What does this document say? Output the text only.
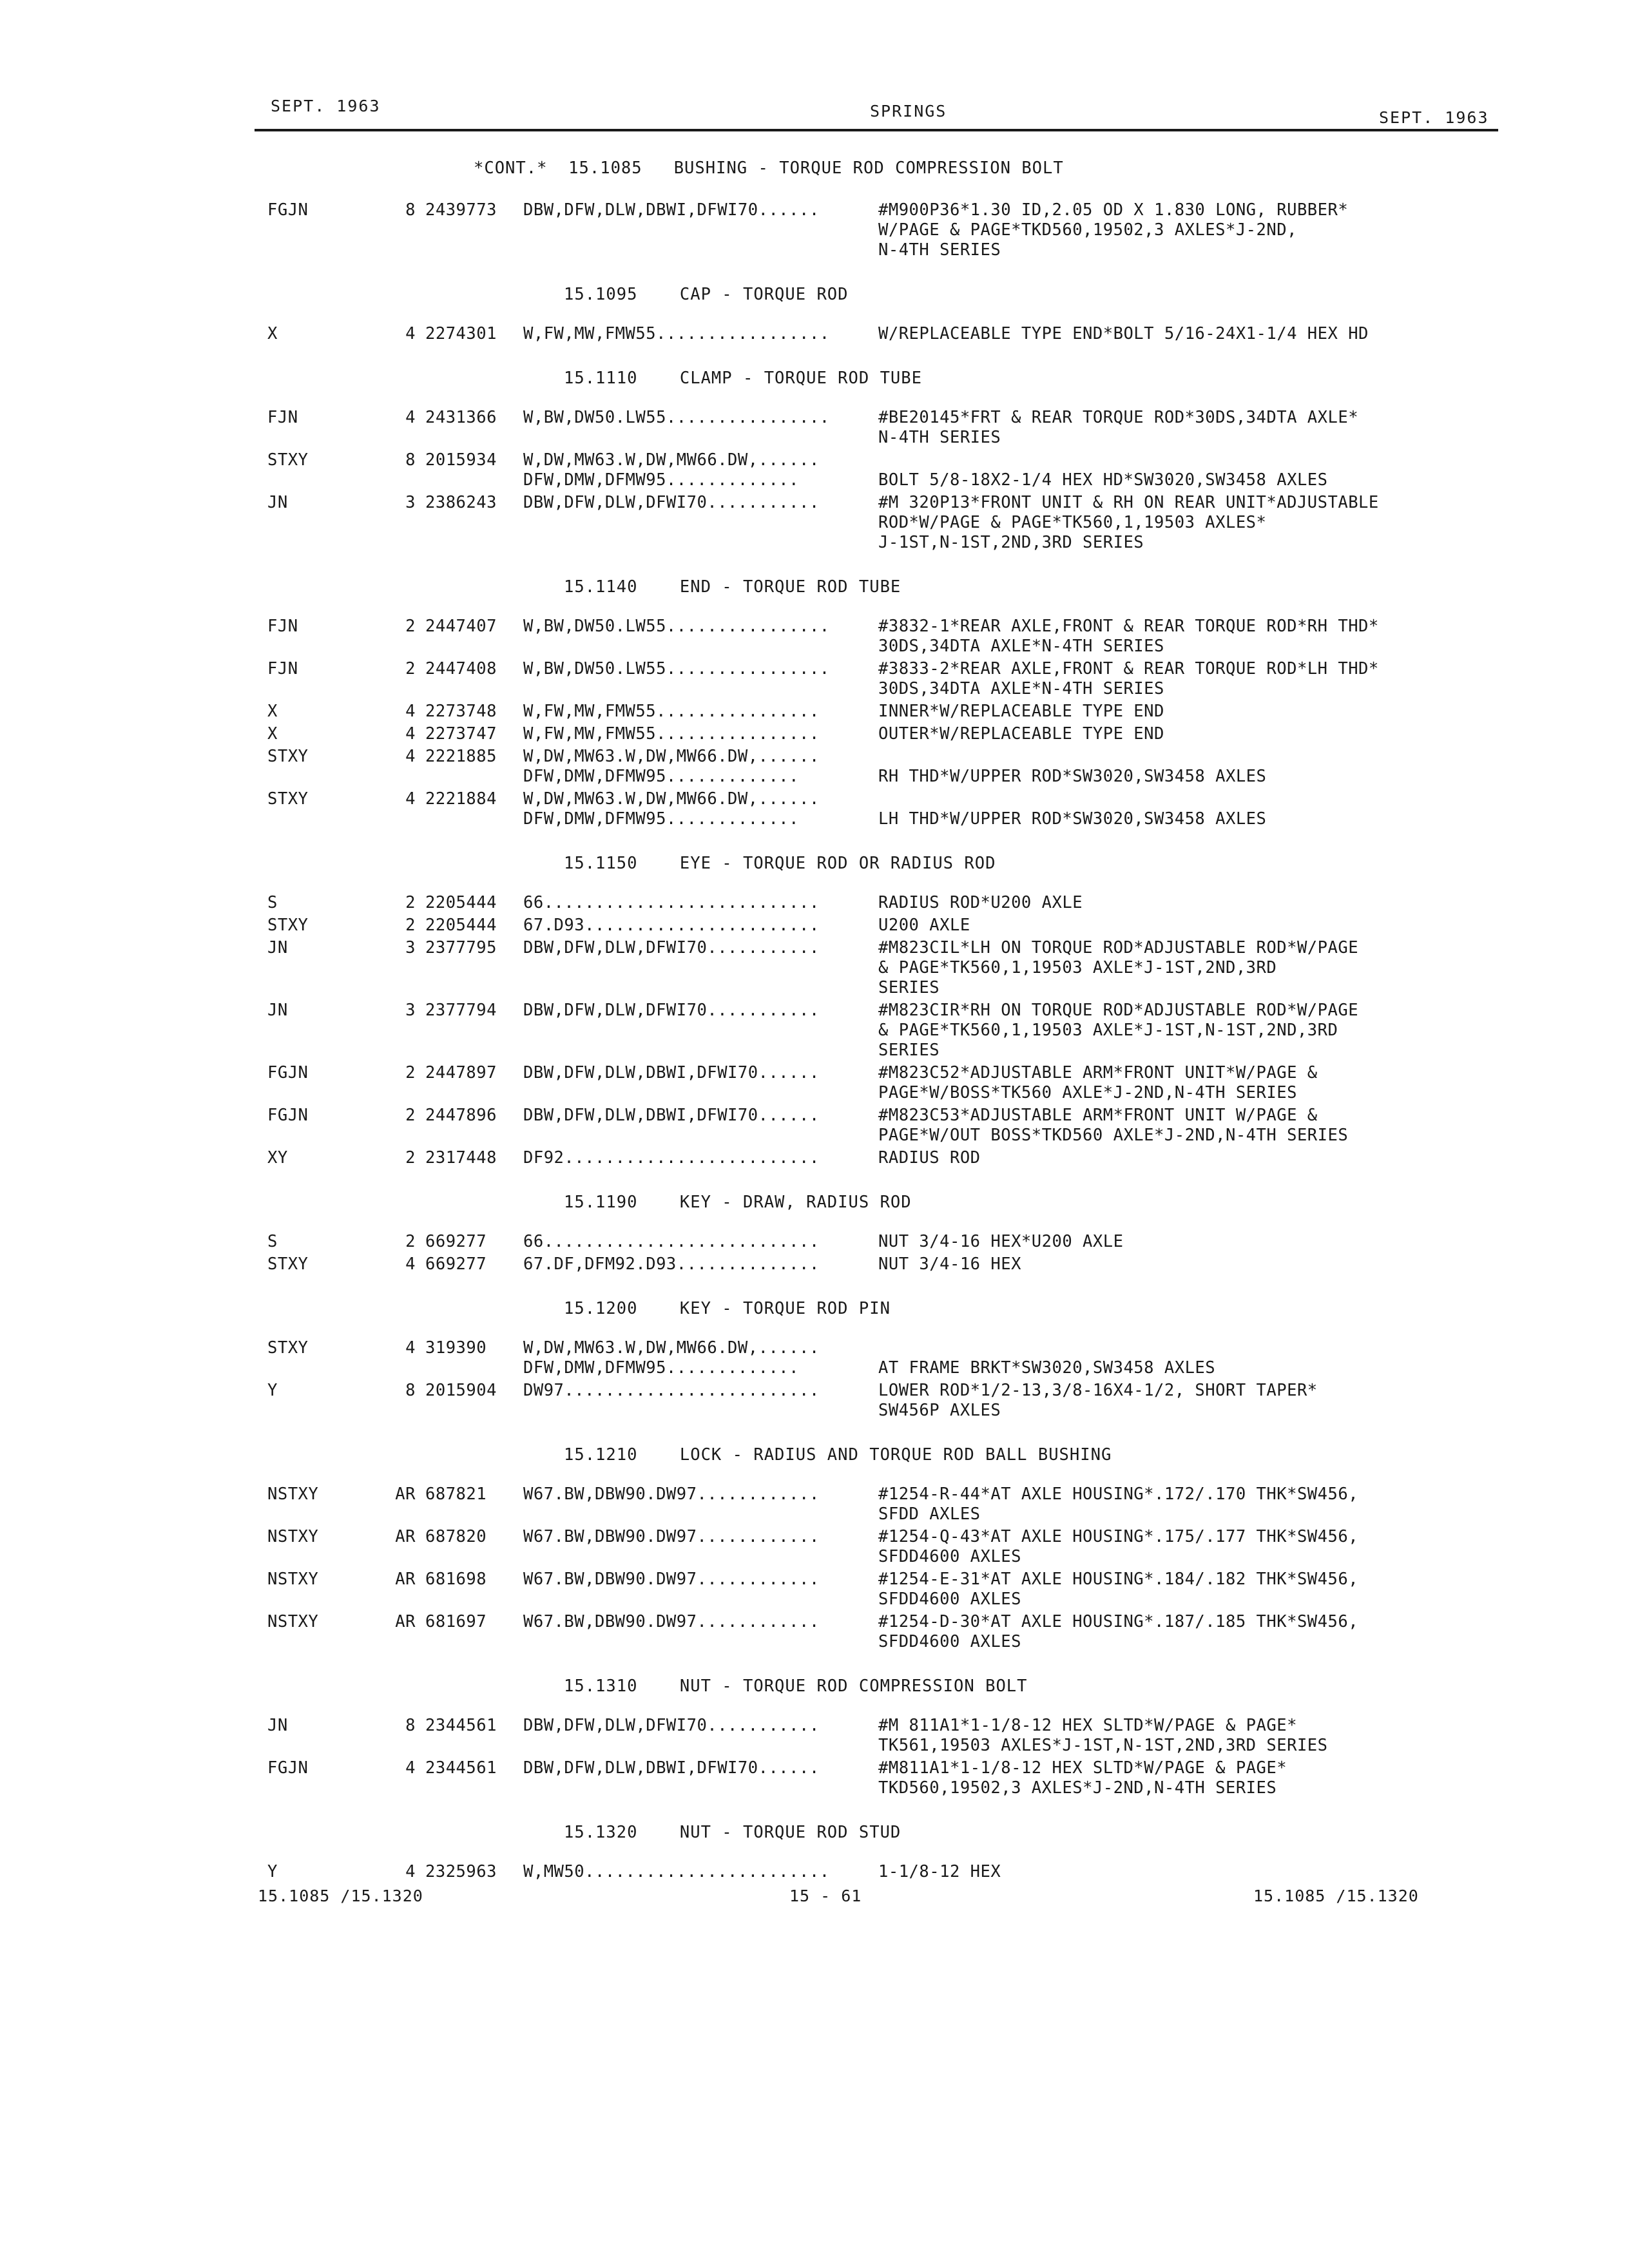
SEPT. 1963	SPRINGS	SEPT. 1963
*CONT.*  15.1085   BUSHING - TORQUE ROD COMPRESSION BOLT
FGJN	8 2439773 DBW,DFW,DLW,DBWI,DFWI70......	#M900P36*1.30 ID,2.05 OD X 1.830 LONG, RUBBER*
W/PAGE & PAGE*TKD560,19502,3 AXLES*J-2ND,
N-4TH SERIES
15.1095    CAP - TORQUE ROD
X	4 2274301 W,FW,MW,FMW55.................	W/REPLACEABLE TYPE END*BOLT 5/16-24X1-1/4 HEX HD
15.1110    CLAMP - TORQUE ROD TUBE
FJN	4 2431366 W,BW,DW50.LW55................	#BE20145*FRT & REAR TORQUE ROD*30DS,34DTA AXLE*
N-4TH SERIES
STXY	8 2015934 W,DW,MW63.W,DW,MW66.DW,......
DFW,DMW,DFMW95.............	BOLT 5/8-18X2-1/4 HEX HD*SW3020,SW3458 AXLES
JN	3 2386243 DBW,DFW,DLW,DFWI70...........	#M 320P13*FRONT UNIT & RH ON REAR UNIT*ADJUSTABLE
ROD*W/PAGE & PAGE*TK560,1,19503 AXLES*
J-1ST,N-1ST,2ND,3RD SERIES
15.1140    END - TORQUE ROD TUBE
FJN	2 2447407 W,BW,DW50.LW55................	#3832-1*REAR AXLE,FRONT & REAR TORQUE ROD*RH THD*
30DS,34DTA AXLE*N-4TH SERIES
FJN	2 2447408 W,BW,DW50.LW55................	#3833-2*REAR AXLE,FRONT & REAR TORQUE ROD*LH THD*
30DS,34DTA AXLE*N-4TH SERIES
X	4 2273748 W,FW,MW,FMW55................	INNER*W/REPLACEABLE TYPE END
X	4 2273747 W,FW,MW,FMW55................	OUTER*W/REPLACEABLE TYPE END
STXY	4 2221885 W,DW,MW63.W,DW,MW66.DW,......
DFW,DMW,DFMW95.............	RH THD*W/UPPER ROD*SW3020,SW3458 AXLES
STXY	4 2221884 W,DW,MW63.W,DW,MW66.DW,......
DFW,DMW,DFMW95.............	LH THD*W/UPPER ROD*SW3020,SW3458 AXLES
15.1150    EYE - TORQUE ROD OR RADIUS ROD
S	2 2205444 66...........................	RADIUS ROD*U200 AXLE
STXY	2 2205444 67.D93.......................	U200 AXLE
JN	3 2377795 DBW,DFW,DLW,DFWI70...........	#M823CIL*LH ON TORQUE ROD*ADJUSTABLE ROD*W/PAGE
& PAGE*TK560,1,19503 AXLE*J-1ST,2ND,3RD
SERIES
JN	3 2377794 DBW,DFW,DLW,DFWI70...........	#M823CIR*RH ON TORQUE ROD*ADJUSTABLE ROD*W/PAGE
& PAGE*TK560,1,19503 AXLE*J-1ST,N-1ST,2ND,3RD
SERIES
FGJN	2 2447897 DBW,DFW,DLW,DBWI,DFWI70......	#M823C52*ADJUSTABLE ARM*FRONT UNIT*W/PAGE &
PAGE*W/BOSS*TK560 AXLE*J-2ND,N-4TH SERIES
FGJN	2 2447896 DBW,DFW,DLW,DBWI,DFWI70......	#M823C53*ADJUSTABLE ARM*FRONT UNIT W/PAGE &
PAGE*W/OUT BOSS*TKD560 AXLE*J-2ND,N-4TH SERIES
XY	2 2317448 DF92.........................	RADIUS ROD
15.1190    KEY - DRAW, RADIUS ROD
S	2 669277 66...........................	NUT 3/4-16 HEX*U200 AXLE
STXY	4 669277 67.DF,DFM92.D93..............	NUT 3/4-16 HEX
15.1200    KEY - TORQUE ROD PIN
STXY	4 319390 W,DW,MW63.W,DW,MW66.DW,......
DFW,DMW,DFMW95.............	AT FRAME BRKT*SW3020,SW3458 AXLES
Y	8 2015904 DW97.........................	LOWER ROD*1/2-13,3/8-16X4-1/2, SHORT TAPER*
SW456P AXLES
15.1210    LOCK - RADIUS AND TORQUE ROD BALL BUSHING
NSTXY	AR 687821 W67.BW,DBW90.DW97............	#1254-R-44*AT AXLE HOUSING*.172/.170 THK*SW456,
SFDD AXLES
NSTXY	AR 687820 W67.BW,DBW90.DW97............	#1254-Q-43*AT AXLE HOUSING*.175/.177 THK*SW456,
SFDD4600 AXLES
NSTXY	AR 681698 W67.BW,DBW90.DW97............	#1254-E-31*AT AXLE HOUSING*.184/.182 THK*SW456,
SFDD4600 AXLES
NSTXY	AR 681697 W67.BW,DBW90.DW97............	#1254-D-30*AT AXLE HOUSING*.187/.185 THK*SW456,
SFDD4600 AXLES
15.1310    NUT - TORQUE ROD COMPRESSION BOLT
JN	8 2344561 DBW,DFW,DLW,DFWI70...........	#M 811A1*1-1/8-12 HEX SLTD*W/PAGE & PAGE*
TK561,19503 AXLES*J-1ST,N-1ST,2ND,3RD SERIES
FGJN	4 2344561 DBW,DFW,DLW,DBWI,DFWI70......	#M811A1*1-1/8-12 HEX SLTD*W/PAGE & PAGE*
TKD560,19502,3 AXLES*J-2ND,N-4TH SERIES
15.1320    NUT - TORQUE ROD STUD
Y	4 2325963 W,MW50........................	1-1/8-12 HEX
15.1085 /15.1320	15 - 61	15.1085 /15.1320
